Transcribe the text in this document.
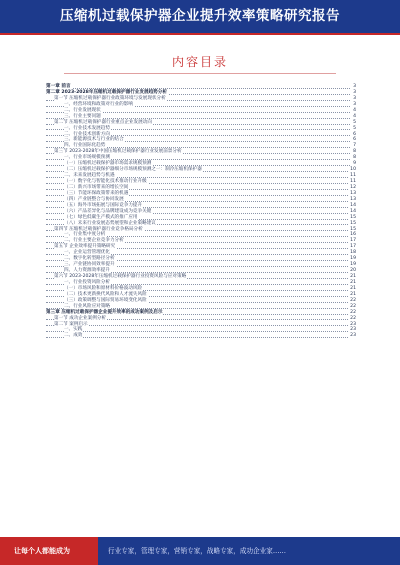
压缩机过载保护器企业提升效率策略研究报告
内容目录
第一章 前言	3
第二章 2023-2028年压缩机过载保护器行业发展趋势分析	3
第一节 压缩机过载保护器行业政策环境与发展现状分析	3
一、经营环境和政策对行业的影响	3
二、行业发展现状	4
三、行业主要问题	4
第二节 压缩机过载保护器行业重点企业发展动向	5
一、行业技术发展趋势	5
二、行业技术创新方向	6
三、新能源技术与行业的结合	6
四、行业国际化趋势	7
第三节 2023-2028年中国压缩机过载保护器行业发展前景分析	8
一、行业市场规模预测	8
（一）压缩机过载保护器市场需求规模预测	9
（二）压缩机过载保护器细分市场规模预测之一：制冷压缩机保护器	10
二、未来发展趋势与机遇	11
（一）数字化与智能化技术推动行业升级	11
（二）新兴市场带来的增长空间	12
（三）节能环保政策带来的机遇	13
（四）产业链整合与协同发展	13
（五）海外市场拓展与国际竞争力提升	14
（六）产品差异化与品牌建设成为竞争关键	14
（七）绿色低碳生产模式的推广应用	15
（八）未来行业发展态势展望和企业策略建议	15
第四节 压缩机过载保护器行业竞争格局分析	15
一、行业集中度分析	16
二、行业主要企业竞争力分析	17
第五节 企业效率提升策略研究	17
一、企业运营管理优化	18
二、数字化转型路径分析	19
三、产业链协同效率提升	19
四、人力资源效率提升	20
第六节 2023-2028年压缩机过载保护器行业投资风险与应对策略	21
一、行业投资风险分析	21
（一）市场风险和原材料价格波动风险	21
（二）技术更新换代风险和人才流失风险	21
（三）政策调整与国际贸易环境变化风险	22
二、行业风险应对策略	22
第三章 压缩机过载保护器企业提升效率的成功案例及启示	22
第一节 成功企业案例分析	22
第二节 案例启示	23
一、实践	23
二、成效	23
让每个人都能成为	行业专家，管理专家，营销专家，战略专家，成功企业家……
